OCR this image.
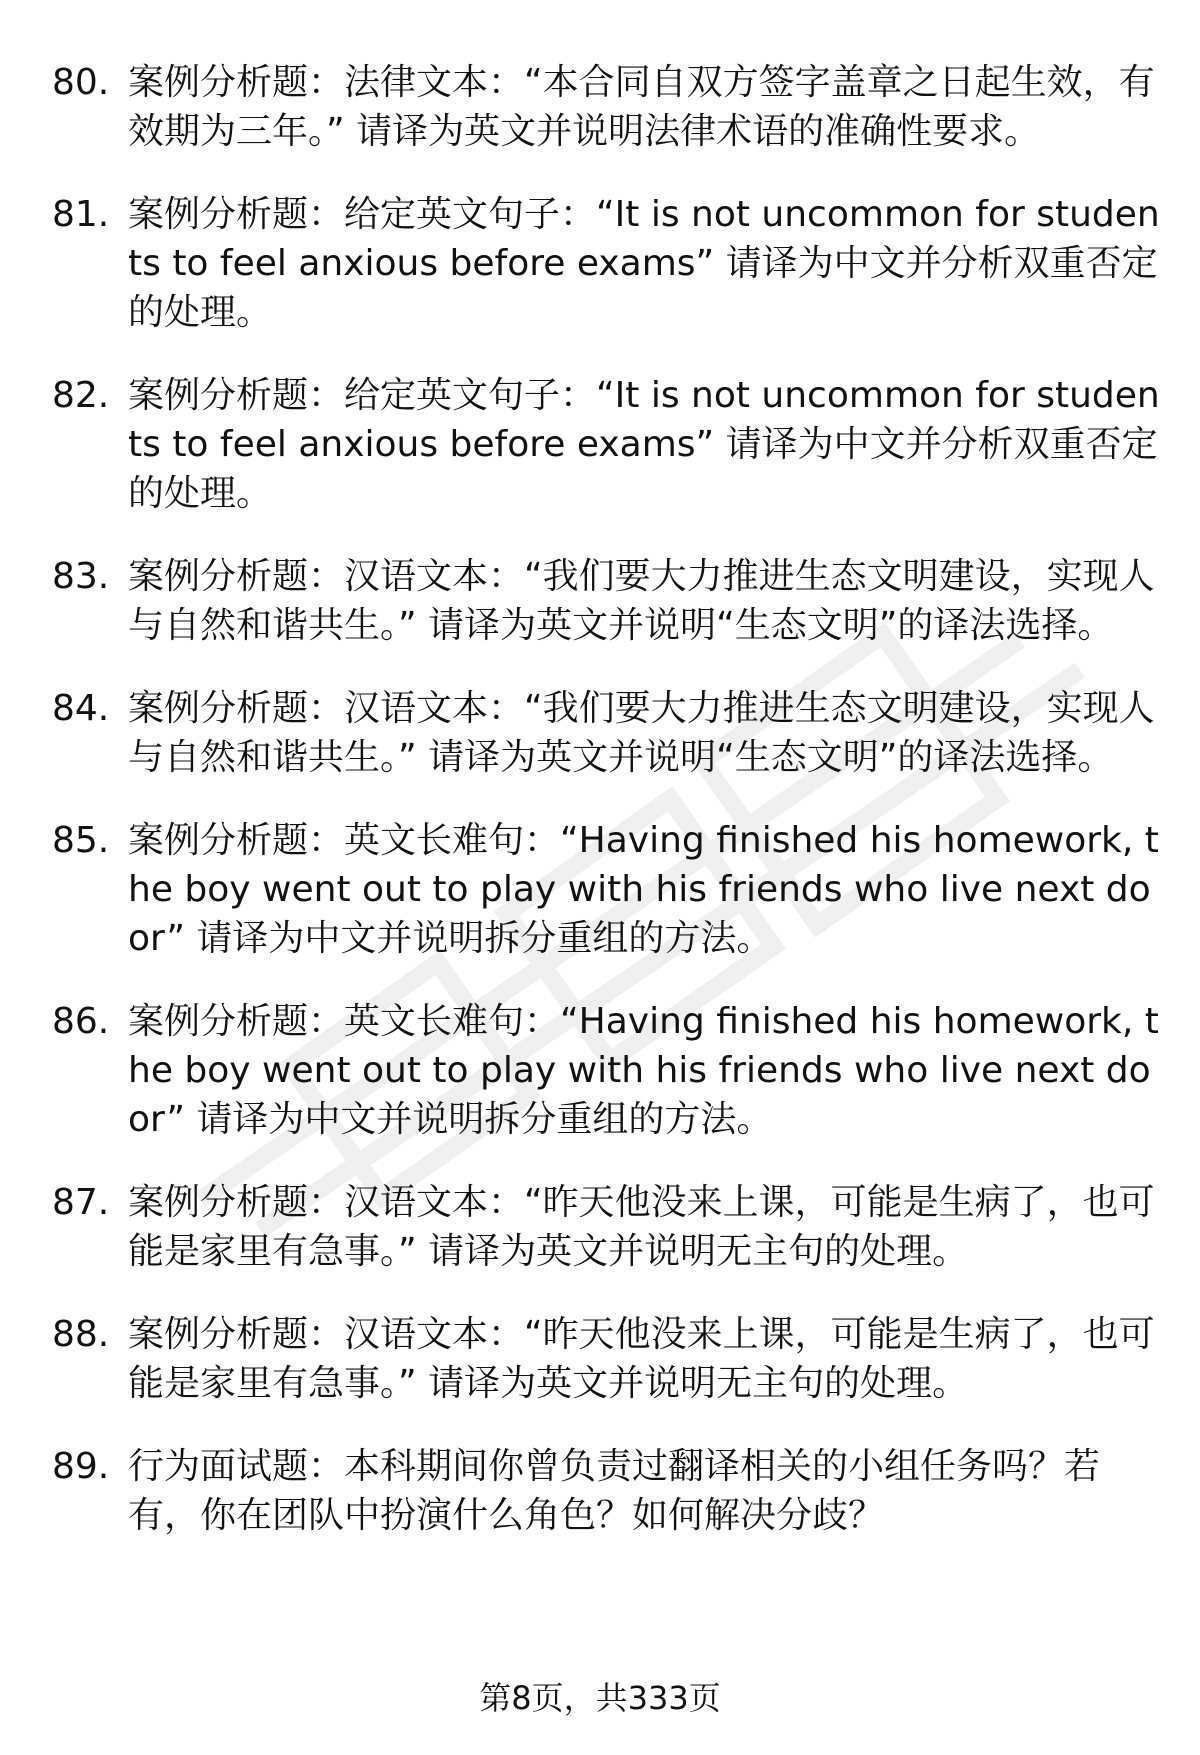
80. 案例分析题：法律文本：“本合同自双方签字盖章之日起生效，有效期为三年。” 请译为英文并说明法律术语的准确性要求。
81. 案例分析题：给定英文句子：“It is not uncommon for students to feel anxious before exams” 请译为中文并分析双重否定的处理。
82. 案例分析题：给定英文句子：“It is not uncommon for students to feel anxious before exams” 请译为中文并分析双重否定的处理。
83. 案例分析题：汉语文本：“我们要大力推进生态文明建设，实现人与自然和谐共生。” 请译为英文并说明“生态文明”的译法选择。
84. 案例分析题：汉语文本：“我们要大力推进生态文明建设，实现人与自然和谐共生。” 请译为英文并说明“生态文明”的译法选择。
85. 案例分析题：英文长难句：“Having finished his homework, the boy went out to play with his friends who live next door” 请译为中文并说明拆分重组的方法。
86. 案例分析题：英文长难句：“Having finished his homework, the boy went out to play with his friends who live next door” 请译为中文并说明拆分重组的方法。
87. 案例分析题：汉语文本：“昨天他没来上课，可能是生病了，也可能是家里有急事。” 请译为英文并说明无主句的处理。
88. 案例分析题：汉语文本：“昨天他没来上课，可能是生病了，也可能是家里有急事。” 请译为英文并说明无主句的处理。
89. 行为面试题：本科期间你曾负责过翻译相关的小组任务吗？若有，你在团队中扮演什么角色？如何解决分歧？
第8页，共333页
